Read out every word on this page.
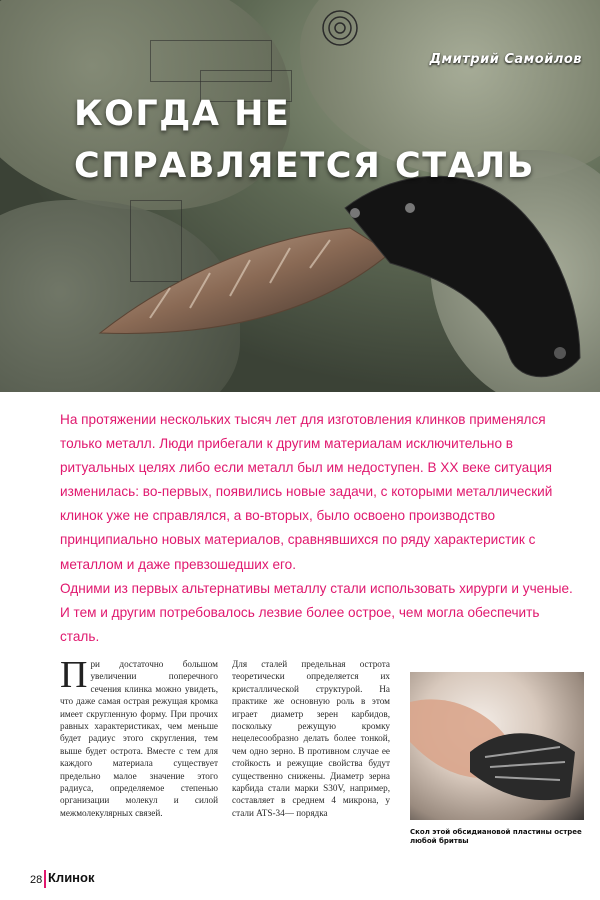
Дмитрий Самойлов
КОГДА НЕ СПРАВЛЯЕТСЯ СТАЛЬ

На протяжении нескольких тысяч лет для изготовления клинков применялся только металл. Люди прибегали к другим материалам исключительно в ритуальных целях либо если металл был им недоступен. В XX веке ситуация изменилась: во-первых, появились новые задачи, с которыми металлический клинок уже не справлялся, а во-вторых, было освоено производство принципиально новых материалов, сравнявшихся по ряду характеристик с металлом и даже превзошедших его.

Одними из первых альтернативы металлу стали использовать хирурги и ученые. И тем и другим потребовалось лезвие более острое, чем могла обеспечить сталь.

При достаточно большом увеличении поперечного сечения клинка можно увидеть, что даже самая острая режущая кромка имеет скругленную форму. При прочих равных характеристиках, чем меньше будет радиус этого скругления, тем выше будет острота. Вместе с тем для каждого материала существует предельно малое значение этого радиуса, определяемое степенью организации молекул и силой межмолекулярных связей.

Для сталей предельная острота теоретически определяется их кристаллической структурой. На практике же основную роль в этом играет диаметр зерен карбидов, поскольку режущую кромку нецелесообразно делать более тонкой, чем одно зерно. В противном случае ее стойкость и режущие свойства будут существенно снижены. Диаметр зерна карбида стали марки S30V, например, составляет в среднем 4 микрона, у стали ATS-34— порядка

Скол этой обсидиановой пластины острее любой бритвы
28 Клинок
